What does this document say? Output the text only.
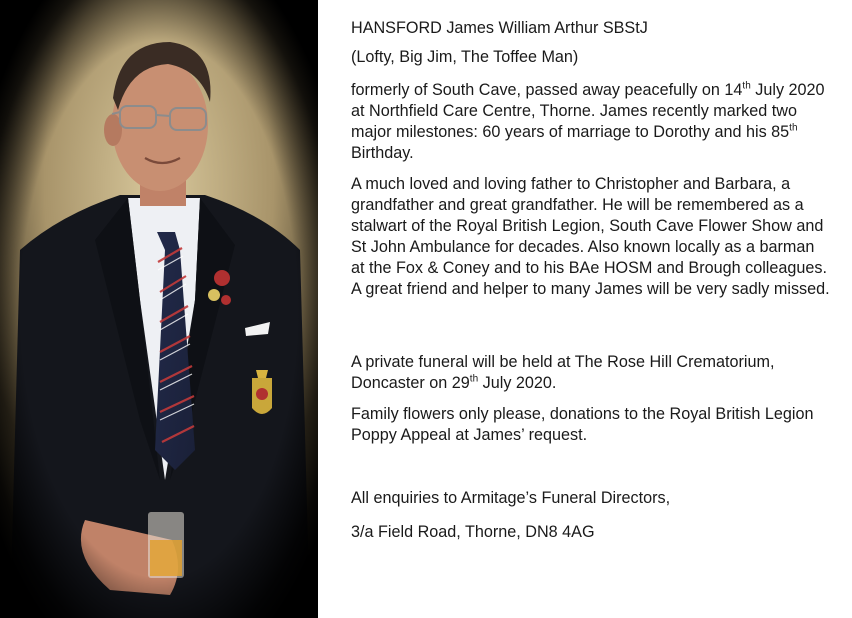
HANSFORD James William Arthur SBStJ

(Lofty, Big Jim, The Toffee Man)

formerly of South Cave, passed away peacefully on 14th July 2020 at Northfield Care Centre, Thorne. James recently marked two major milestones: 60 years of marriage to Dorothy and his 85th Birthday.

A much loved and loving father to Christopher and Barbara, a grandfather and great grandfather. He will be remembered as a stalwart of the Royal British Legion, South Cave Flower Show and St John Ambulance for decades. Also known locally as a barman at the Fox & Coney and to his BAe HOSM and Brough colleagues. A great friend and helper to many James will be very sadly missed.

A private funeral will be held at The Rose Hill Crematorium, Doncaster on 29th July 2020.

Family flowers only please, donations to the Royal British Legion Poppy Appeal at James’ request.

All enquiries to Armitage’s Funeral Directors,

3/a Field Road, Thorne, DN8 4AG
